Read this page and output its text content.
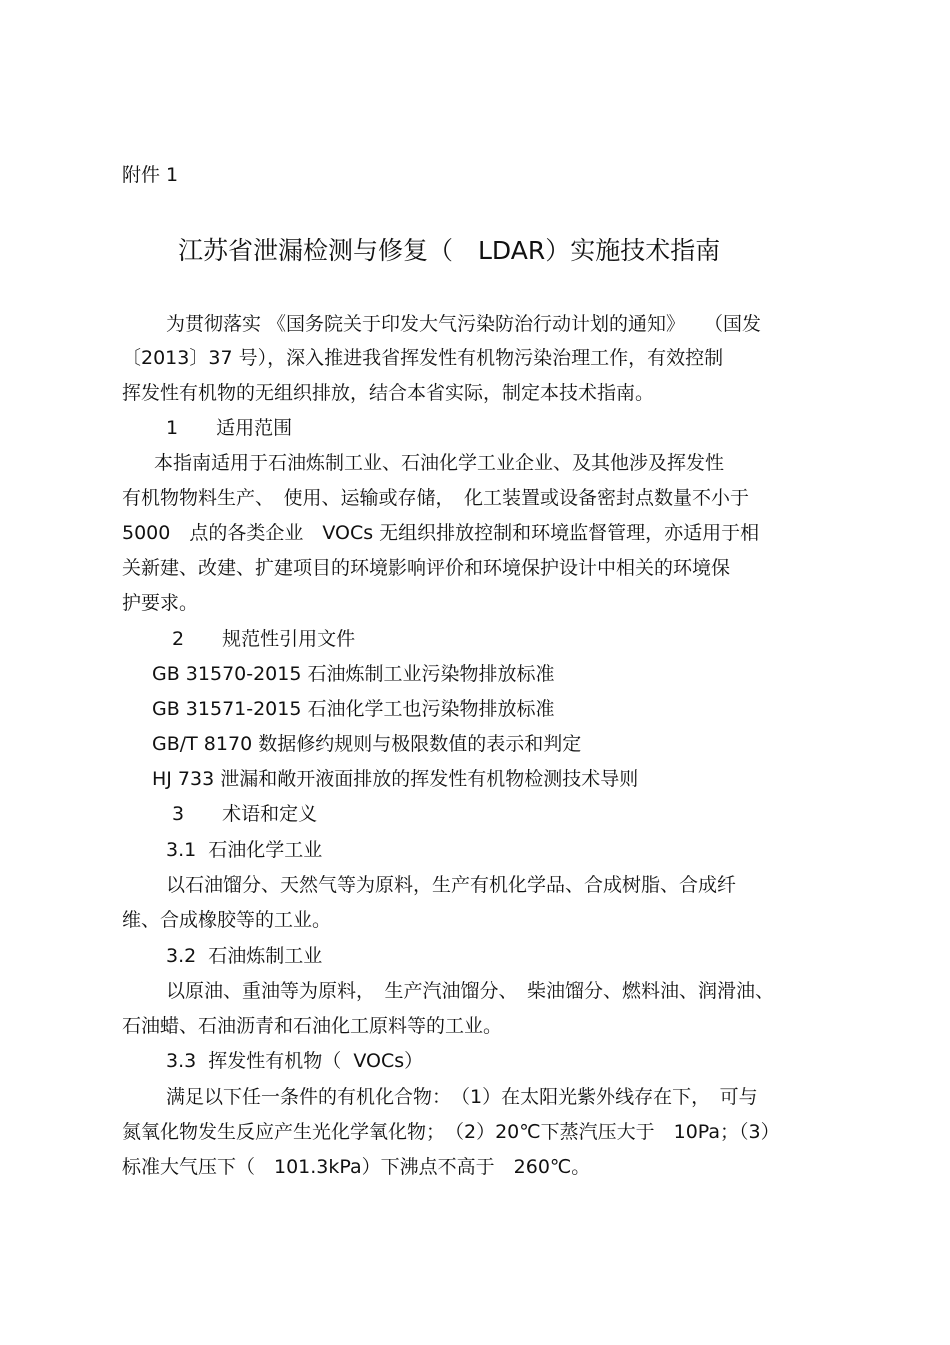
附件 1
江苏省泄漏检测与修复（　LDAR）实施技术指南
为贯彻落实 《国务院关于印发大气污染防治行动计划的通知》　　（国发
〔2013〕37 号），深入推进我省挥发性有机物污染治理工作，有效控制
挥发性有机物的无组织排放，结合本省实际，制定本技术指南。
1　　适用范围
本指南适用于石油炼制工业、石油化学工业企业、及其他涉及挥发性
有机物物料生产、　使用、运输或存储，　化工装置或设备密封点数量不小于
5000　点的各类企业　VOCs 无组织排放控制和环境监督管理，亦适用于相
关新建、改建、扩建项目的环境影响评价和环境保护设计中相关的环境保
护要求。
2　　规范性引用文件
GB 31570-2015 石油炼制工业污染物排放标准
GB 31571-2015 石油化学工也污染物排放标准
GB/T 8170 数据修约规则与极限数值的表示和判定
HJ 733 泄漏和敞开液面排放的挥发性有机物检测技术导则
3　　术语和定义
3.1  石油化学工业
以石油馏分、天然气等为原料，生产有机化学品、合成树脂、合成纤
维、合成橡胶等的工业。
3.2  石油炼制工业
以原油、重油等为原料，　生产汽油馏分、　柴油馏分、燃料油、润滑油、
石油蜡、石油沥青和石油化工原料等的工业。
3.3  挥发性有机物（  VOCs）
满足以下任一条件的有机化合物：　（1）在太阳光紫外线存在下，　可与
氮氧化物发生反应产生光化学氧化物；　（2）20℃下蒸汽压大于　10Pa；（3）
标准大气压下（　101.3kPa）下沸点不高于　260℃。
